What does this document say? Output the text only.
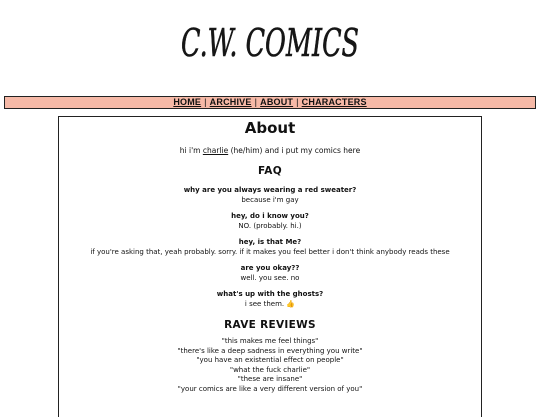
C.W. COMICS
HOME | ARCHIVE | ABOUT | CHARACTERS
About
hi i'm charlie (he/him) and i put my comics here
FAQ
why are you always wearing a red sweater?
because i'm gay
hey, do i know you?
NO. (probably. hi.)
hey, is that Me?
if you're asking that, yeah probably. sorry. if it makes you feel better i don't think anybody reads these
are you okay??
well. you see. no
what's up with the ghosts?
i see them. 👍
RAVE REVIEWS
"this makes me feel things"
"there's like a deep sadness in everything you write"
"you have an existential effect on people"
"what the fuck charlie"
"these are insane"
"your comics are like a very different version of you"
